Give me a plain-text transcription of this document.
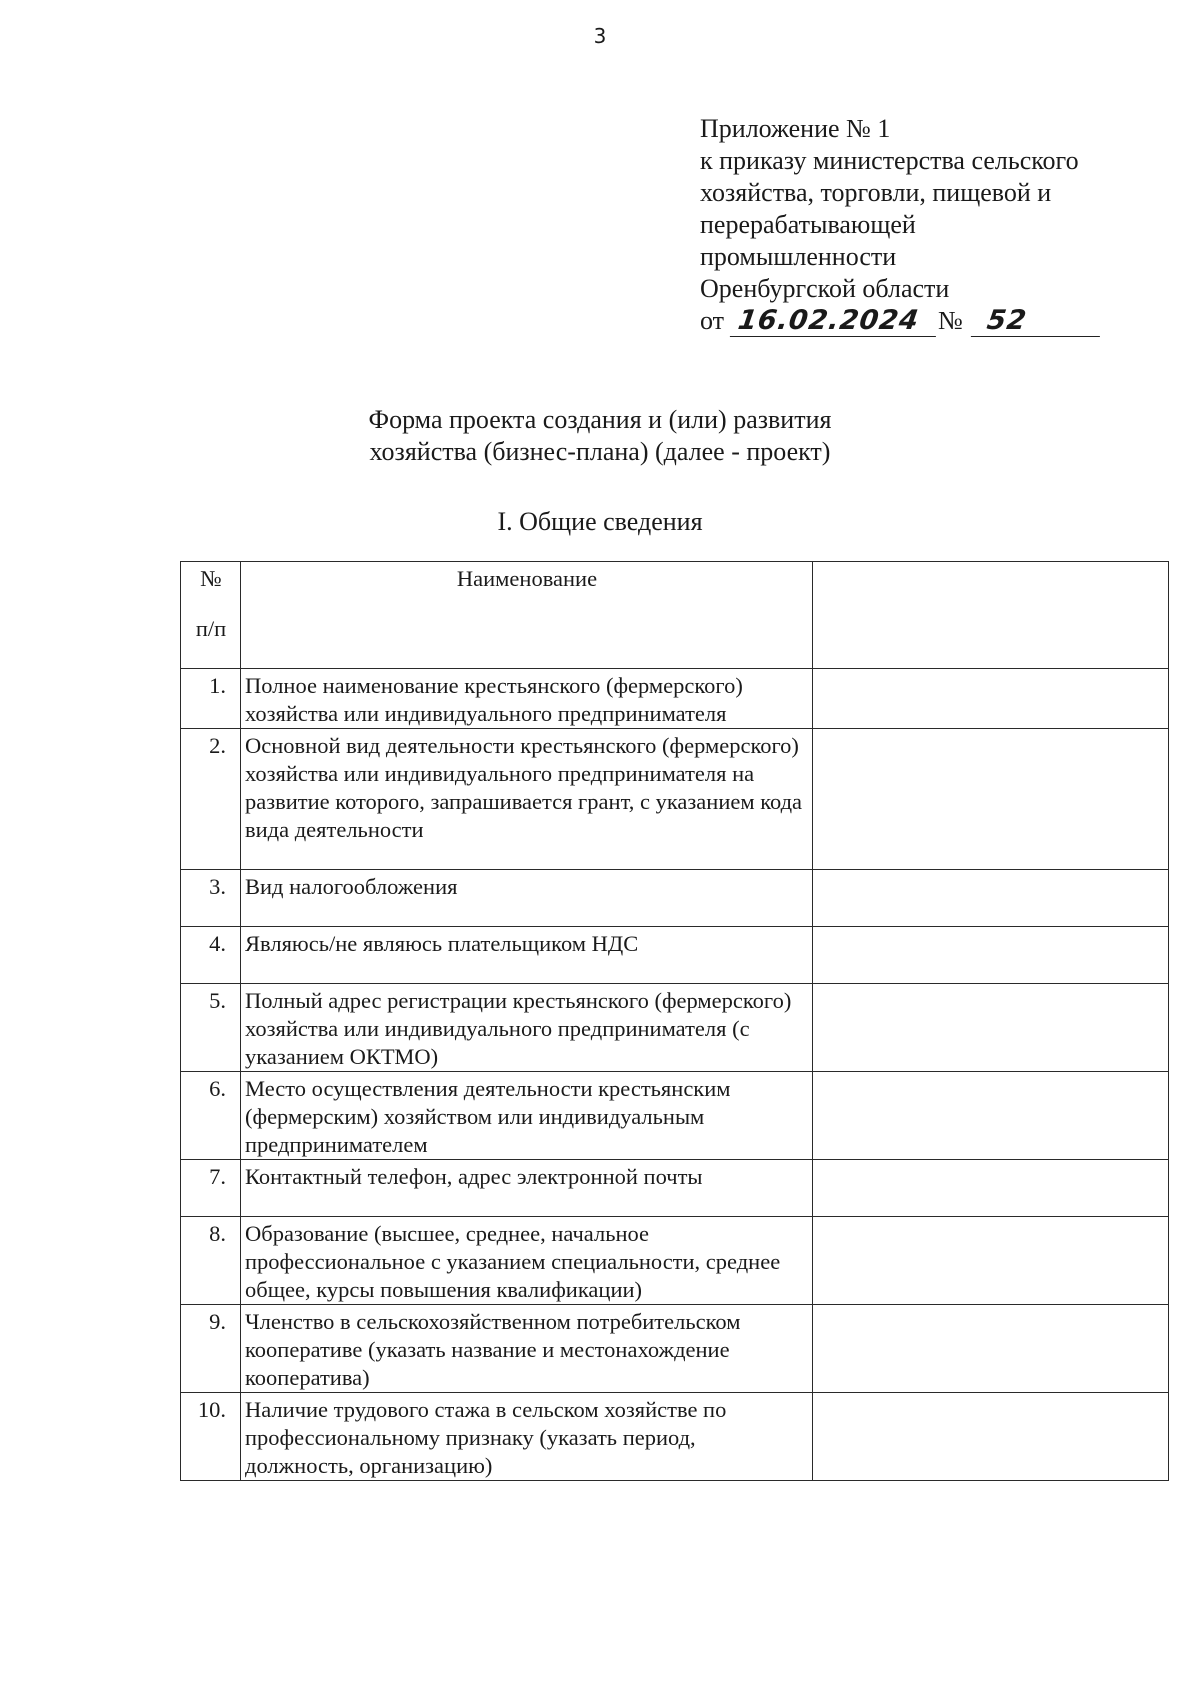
3
Приложение № 1
к приказу министерства сельского
хозяйства, торговли, пищевой и
перерабатывающей
промышленности
Оренбургской области
от 16.02.2024 № 52
Форма проекта создания и (или) развития
хозяйства (бизнес-плана) (далее - проект)
I. Общие сведения
№
п/п	Наименование	
1.	Полное наименование крестьянского (фермерского) хозяйства или индивидуального предпринимателя	
2.	Основной вид деятельности крестьянского (фермерского) хозяйства или индивидуального предпринимателя на развитие которого, запрашивается грант, с указанием кода вида деятельности	
3.	Вид налогообложения	
4.	Являюсь/не являюсь плательщиком НДС	
5.	Полный адрес регистрации крестьянского (фермерского) хозяйства или индивидуального предпринимателя (с указанием ОКТМО)	
6.	Место осуществления деятельности крестьянским (фермерским) хозяйством или индивидуальным предпринимателем	
7.	Контактный телефон, адрес электронной почты	
8.	Образование (высшее, среднее, начальное профессиональное с указанием специальности, среднее общее, курсы повышения квалификации)	
9.	Членство в сельскохозяйственном потребительском кооперативе (указать название и местонахождение кооператива)	
10.	Наличие трудового стажа в сельском хозяйстве по профессиональному признаку (указать период, должность, организацию)	
